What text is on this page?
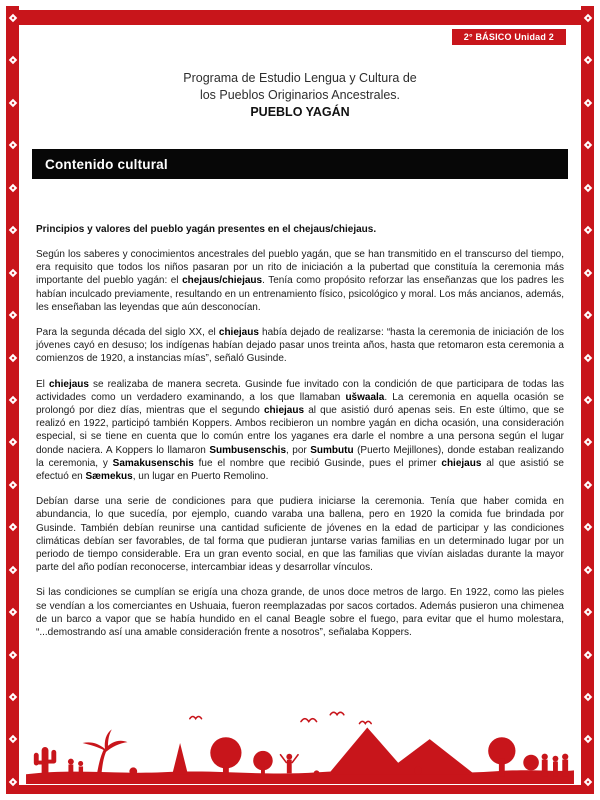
2° BÁSICO Unidad 2
Programa de Estudio Lengua y Cultura de
los Pueblos Originarios Ancestrales.
PUEBLO YAGÁN
Contenido cultural

Principios y valores del pueblo yagán presentes en el chejaus/chiejaus.

Según los saberes y conocimientos ancestrales del pueblo yagán, que se han transmitido en el transcurso del tiempo, era requisito que todos los niños pasaran por un rito de iniciación a la pubertad que constituía la ceremonia más importante del pueblo yagán: el chejaus/chiejaus. Tenía como propósito reforzar las enseñanzas que los padres les habían inculcado previamente, resultando en un entrenamiento físico, psicológico y moral. Los más ancianos, además, les enseñaban las leyendas que aún desconocían.

Para la segunda década del siglo XX, el chiejaus había dejado de realizarse: “hasta la ceremonia de iniciación de los jóvenes cayó en desuso; los indígenas habían dejado pasar unos treinta años, hasta que retomaron esta ceremonia a comienzos de 1920, a instancias mías”, señaló Gusinde.

El chiejaus se realizaba de manera secreta. Gusinde fue invitado con la condición de que participara de todas las actividades como un verdadero examinando, a los que llamaban ušwaala. La ceremonia en aquella ocasión se prolongó por diez días, mientras que el segundo chiejaus al que asistió duró apenas seis. En este último, que se realizó en 1922, participó también Koppers. Ambos recibieron un nombre yagán en dicha ocasión, una consideración especial, si se tiene en cuenta que lo común entre los yaganes era darle el nombre a una persona según el lugar donde naciera. A Koppers lo llamaron Sumbusenschis, por Sumbutu (Puerto Mejillones), donde estaban realizando la ceremonia, y Samakusenschis fue el nombre que recibió Gusinde, pues el primer chiejaus al que asistió se efectuó en Sæmekus, un lugar en Puerto Remolino.

Debían darse una serie de condiciones para que pudiera iniciarse la ceremonia. Tenía que haber comida en abundancia, lo que sucedía, por ejemplo, cuando varaba una ballena, pero en 1920 la comida fue brindada por Gusinde. También debían reunirse una cantidad suficiente de jóvenes en la edad de participar y las condiciones climáticas debían ser favorables, de tal forma que pudieran juntarse varias familias en un determinado lugar por un periodo de tiempo considerable. Era un gran evento social, en que las familias que vivían aisladas durante la mayor parte del año podían reconocerse, intercambiar ideas y desarrollar vínculos.

Si las condiciones se cumplían se erigía una choza grande, de unos doce metros de largo. En 1922, como las pieles se vendían a los comerciantes en Ushuaia, fueron reemplazadas por sacos cortados. Además pusieron una chimenea de un barco a vapor que se había hundido en el canal Beagle sobre el fuego, para evitar que el humo molestara, “...demostrando así una amable consideración frente a nosotros”, señalaba Koppers.
